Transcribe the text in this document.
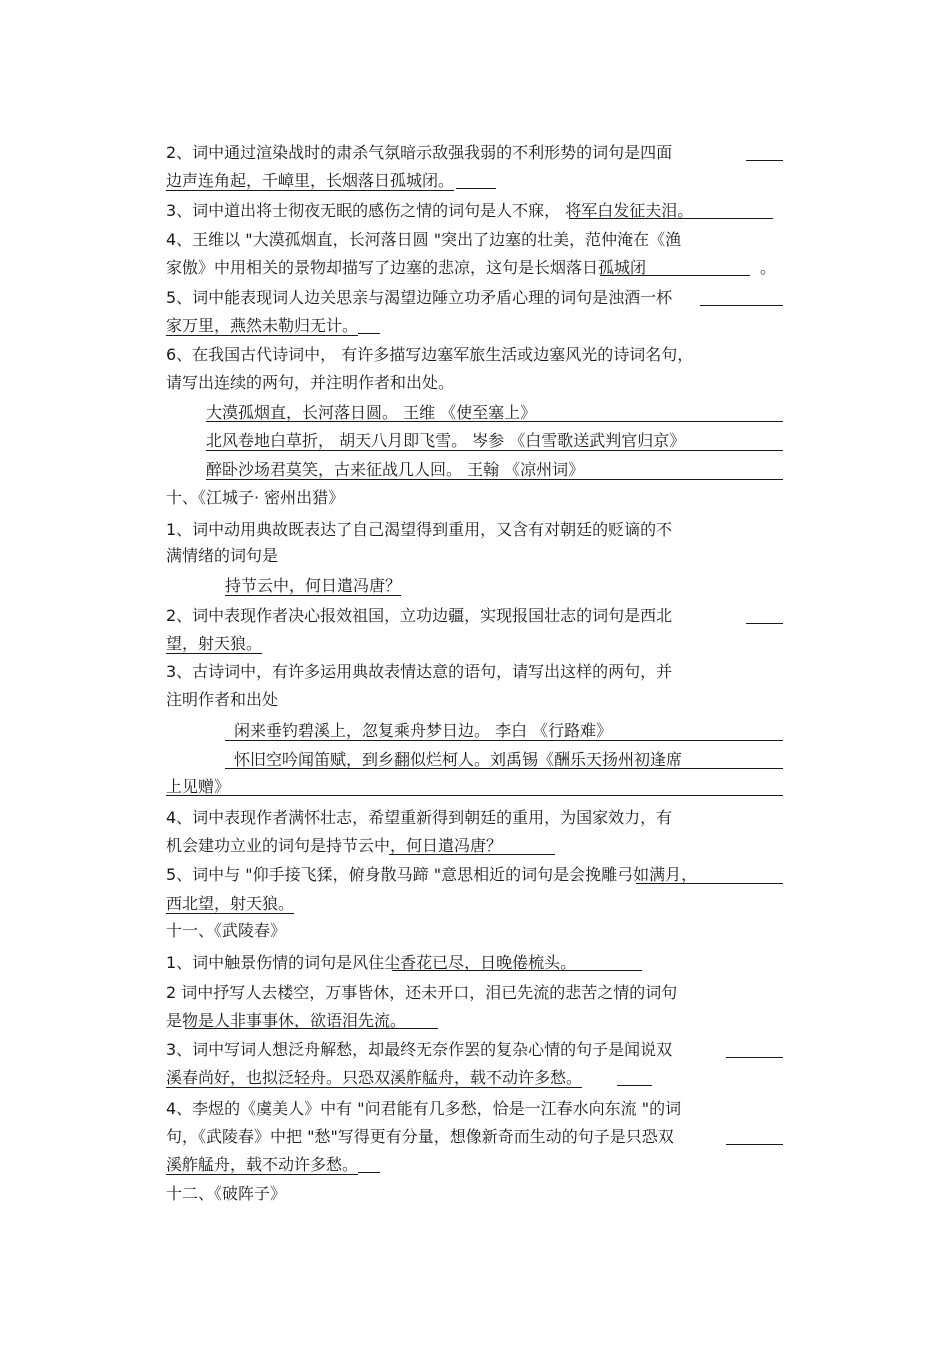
2、词中通过渲染战时的肃杀气氛暗示敌强我弱的不利形势的词句是四面
边声连角起，千嶂里，长烟落日孤城闭。
3、词中道出将士彻夜无眠的感伤之情的词句是人不寐， 将军白发征夫泪。
4、王维以 "大漠孤烟直，长河落日圆 "突出了边塞的壮美，范仲淹在《渔
家傲》中用相关的景物却描写了边塞的悲凉，这句是长烟落日孤城闭	。
5、词中能表现词人边关思亲与渴望边陲立功矛盾心理的词句是浊酒一杯
家万里，燕然未勒归无计。
6、在我国古代诗词中， 有许多描写边塞军旅生活或边塞风光的诗词名句，
请写出连续的两句，并注明作者和出处。
大漠孤烟直，长河落日圆。 王维 《使至塞上》
北风卷地白草折， 胡天八月即飞雪。 岑参 《白雪歌送武判官归京》
醉卧沙场君莫笑，古来征战几人回。 王翰 《凉州词》
十、《江城子· 密州出猎》
1、词中动用典故既表达了自己渴望得到重用，又含有对朝廷的贬谪的不
满情绪的词句是
持节云中，何日遣冯唐？
2、词中表现作者决心报效祖国，立功边疆，实现报国壮志的词句是西北
望，射天狼。
3、古诗词中，有许多运用典故表情达意的语句，请写出这样的两句，并
注明作者和出处
闲来垂钓碧溪上，忽复乘舟梦日边。 李白 《行路难》
怀旧空吟闻笛赋，到乡翻似烂柯人。刘禹锡《酬乐天扬州初逢席
上见赠》
4、词中表现作者满怀壮志，希望重新得到朝廷的重用，为国家效力，有
机会建功立业的词句是持节云中，何日遣冯唐？
5、词中与 "仰手接飞猱，俯身散马蹄 "意思相近的词句是会挽雕弓如满月，
西北望，射天狼。
十一、《武陵春》
1、词中触景伤情的词句是风住尘香花已尽，日晚倦梳头。
2 词中抒写人去楼空，万事皆休，还未开口，泪已先流的悲苦之情的词句
是物是人非事事休，欲语泪先流。
3、词中写词人想泛舟解愁，却最终无奈作罢的复杂心情的句子是闻说双
溪春尚好，也拟泛轻舟。只恐双溪舴艋舟，载不动许多愁。
4、李煜的《虞美人》中有 "问君能有几多愁，恰是一江春水向东流 "的词
句，《武陵春》中把 "愁"写得更有分量，想像新奇而生动的句子是只恐双
溪舴艋舟，载不动许多愁。
十二、《破阵子》
